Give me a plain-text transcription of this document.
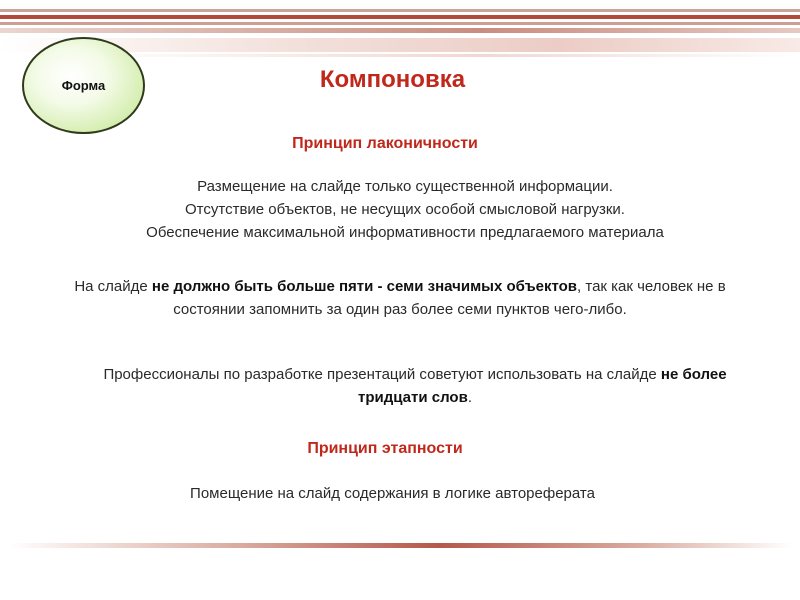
Форма	Компоновка
Принцип лаконичности
Размещение на слайде только существенной информации.
Отсутствие объектов, не несущих особой смысловой нагрузки.
Обеспечение максимальной информативности предлагаемого материала
На слайде не должно быть больше пяти - семи значимых объектов, так как человек не в состоянии запомнить за один раз более семи пунктов чего-либо.
Профессионалы по разработке презентаций советуют использовать на слайде не более тридцати слов.
Принцип этапности
Помещение на слайд содержания в логике автореферата
